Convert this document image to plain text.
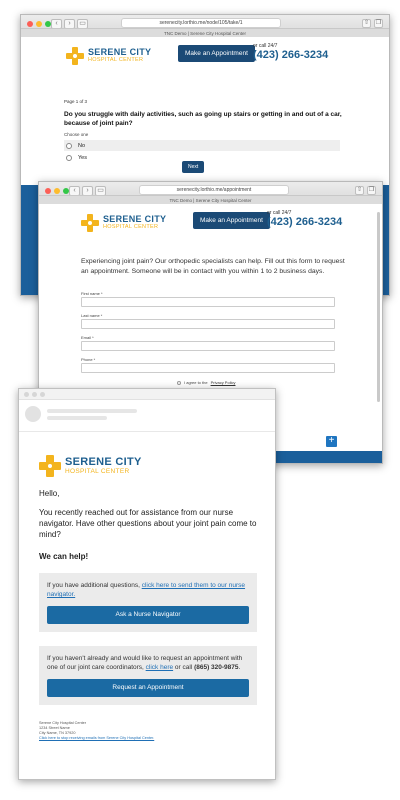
‹	›	▭	serenecity.lorthio.me/node/105/take/1	⇧	❐
TNC Demo | Serene City Hospital Center
SERENE CITY
HOSPITAL CENTER
Make an Appointment
or call 24/7
(423) 266-3234
Page 1 of 3
Do you struggle with daily activities, such as going up stairs or getting in and out of a car, because of joint pain?
Choose one
No
Yes
Next
‹	›	▭	serenecity.lorthio.me/appointment	⇧	❐
TNC Demo | Serene City Hospital Center
SERENE CITY
HOSPITAL CENTER
Make an Appointment
or call 24/7
(423) 266-3234
Experiencing joint pain? Our orthopedic specialists can help. Fill out this form to request an appointment. Someone will be in contact with you within 1 to 2 business days.
First name *
Last name *
Email *
Phone *
I agree to the Privacy Policy
+
SERENE CITY
HOSPITAL CENTER
Hello,
You recently reached out for assistance from our nurse navigator. Have other questions about your joint pain come to mind?
We can help!

If you have additional questions, click here to send them to our nurse navigator.

Ask a Nurse Navigator

If you haven't already and would like to request an appointment with one of our joint care coordinators, click here or call (865) 320-9875.

Request an Appointment
Serene City Hospital Center
1234 Street Name
City Name, TN 37920
Click here to stop receiving emails from Serene City Hospital Center.
